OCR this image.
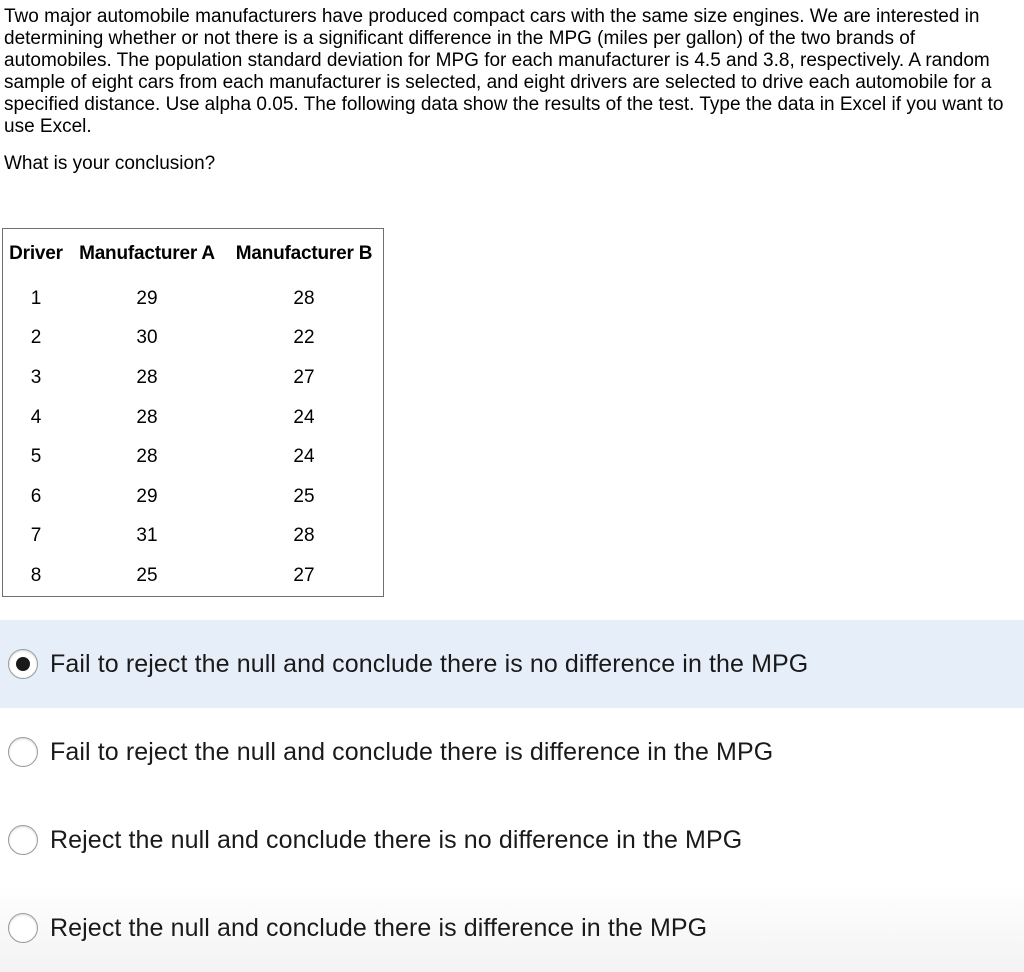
Two major automobile manufacturers have produced compact cars with the same size engines. We are interested in determining whether or not there is a significant difference in the MPG (miles per gallon) of the two brands of automobiles. The population standard deviation for MPG for each manufacturer is 4.5 and 3.8, respectively. A random sample of eight cars from each manufacturer is selected, and eight drivers are selected to drive each automobile for a specified distance. Use alpha 0.05. The following data show the results of the test. Type the data in Excel if you want to use Excel.

What is your conclusion?

Driver	Manufacturer A	Manufacturer B
1	29	28
2	30	22
3	28	27
4	28	24
5	28	24
6	29	25
7	31	28
8	25	27
Fail to reject the null and conclude there is no difference in the MPG
Fail to reject the null and conclude there is difference in the MPG
Reject the null and conclude there is no difference in the MPG
Reject the null and conclude there is difference in the MPG
